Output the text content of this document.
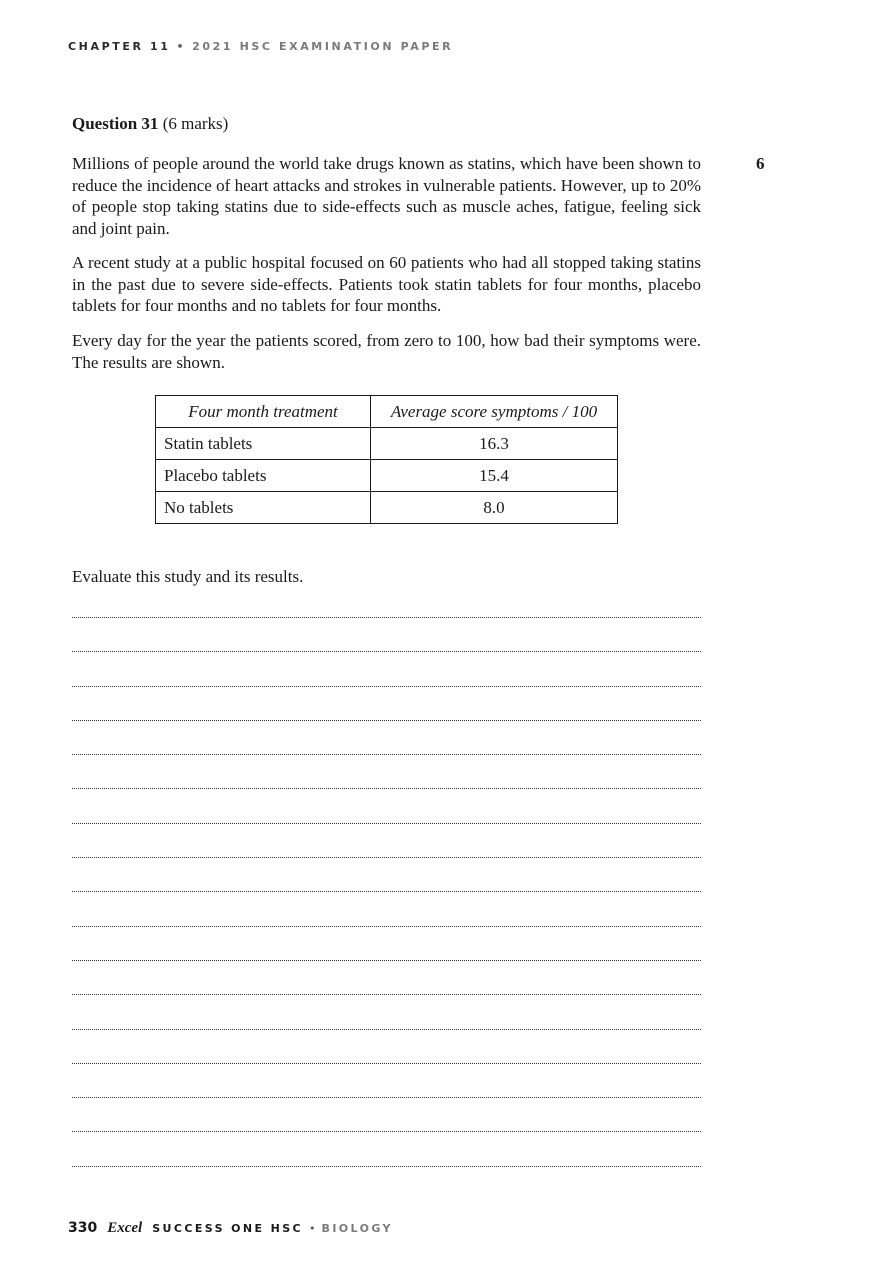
CHAPTER 11 • 2021 HSC EXAMINATION PAPER
Question 31 (6 marks)
6

Millions of people around the world take drugs known as statins, which have been shown to reduce the incidence of heart attacks and strokes in vulnerable patients. However, up to 20% of people stop taking statins due to side-effects such as muscle aches, fatigue, feeling sick and joint pain.

A recent study at a public hospital focused on 60 patients who had all stopped taking statins in the past due to severe side-effects. Patients took statin tablets for four months, placebo tablets for four months and no tablets for four months.

Every day for the year the patients scored, from zero to 100, how bad their symptoms were. The results are shown.

Four month treatment	Average score symptoms / 100
Statin tablets	16.3
Placebo tablets	15.4
No tablets	8.0
Evaluate this study and its results.
330 Excel SUCCESS ONE HSC • BIOLOGY
